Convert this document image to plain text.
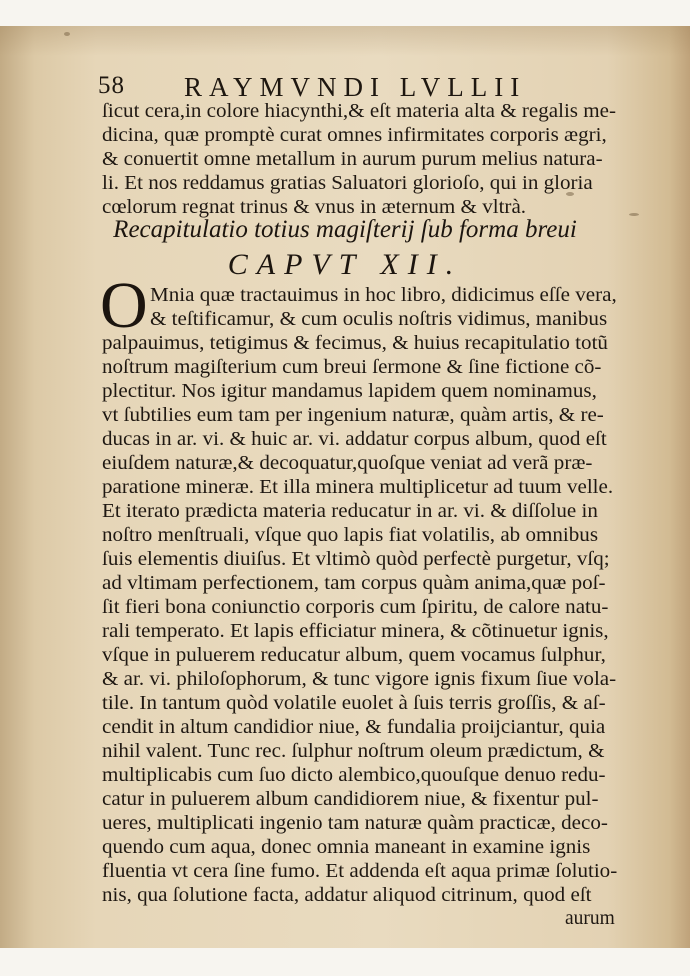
58 RAYMVNDI LVLLII
ſicut cera,in colore hiacynthi,& eſt materia alta & regalis me-
dicina, quæ promptè curat omnes infirmitates corporis ægri,
& conuertit omne metallum in aurum purum melius natura-
li. Et nos reddamus gratias Saluatori glorioſo, qui in gloria
cœlorum regnat trinus & vnus in æternum & vltrà.
Recapitulatio totius magiſterij ſub forma breui
CAPVT XII.
O Mnia quæ tractauimus in hoc libro, didicimus eſſe vera,
& teſtificamur, & cum oculis noſtris vidimus, manibus
palpauimus, tetigimus & fecimus, & huius recapitulatio totũ
noſtrum magiſterium cum breui ſermone & ſine fictione cõ-
plectitur. Nos igitur mandamus lapidem quem nominamus,
vt ſubtilies eum tam per ingenium naturæ, quàm artis, & re-
ducas in ar. vi. & huic ar. vi. addatur corpus album, quod eſt
eiuſdem naturæ,& decoquatur,quoſque veniat ad verã præ-
paratione mineræ. Et illa minera multiplicetur ad tuum velle.
Et iterato prædicta materia reducatur in ar. vi. & diſſolue in
noſtro menſtruali, vſque quo lapis fiat volatilis, ab omnibus
ſuis elementis diuiſus. Et vltimò quòd perfectè purgetur, vſq;
ad vltimam perfectionem, tam corpus quàm anima,quæ poſ-
ſit fieri bona coniunctio corporis cum ſpiritu, de calore natu-
rali temperato. Et lapis efficiatur minera, & cõtinuetur ignis,
vſque in puluerem reducatur album, quem vocamus ſulphur,
& ar. vi. philoſophorum, & tunc vigore ignis fixum ſiue vola-
tile. In tantum quòd volatile euolet à ſuis terris groſſis, & aſ-
cendit in altum candidior niue, & fundalia proijciantur, quia
nihil valent. Tunc rec. ſulphur noſtrum oleum prædictum, &
multiplicabis cum ſuo dicto alembico,quouſque denuo redu-
catur in puluerem album candidiorem niue, & fixentur pul-
ueres, multiplicati ingenio tam naturæ quàm practicæ, deco-
quendo cum aqua, donec omnia maneant in examine ignis
fluentia vt cera ſine fumo. Et addenda eſt aqua primæ ſolutio-
nis, qua ſolutione facta, addatur aliquod citrinum, quod eſt
aurum
